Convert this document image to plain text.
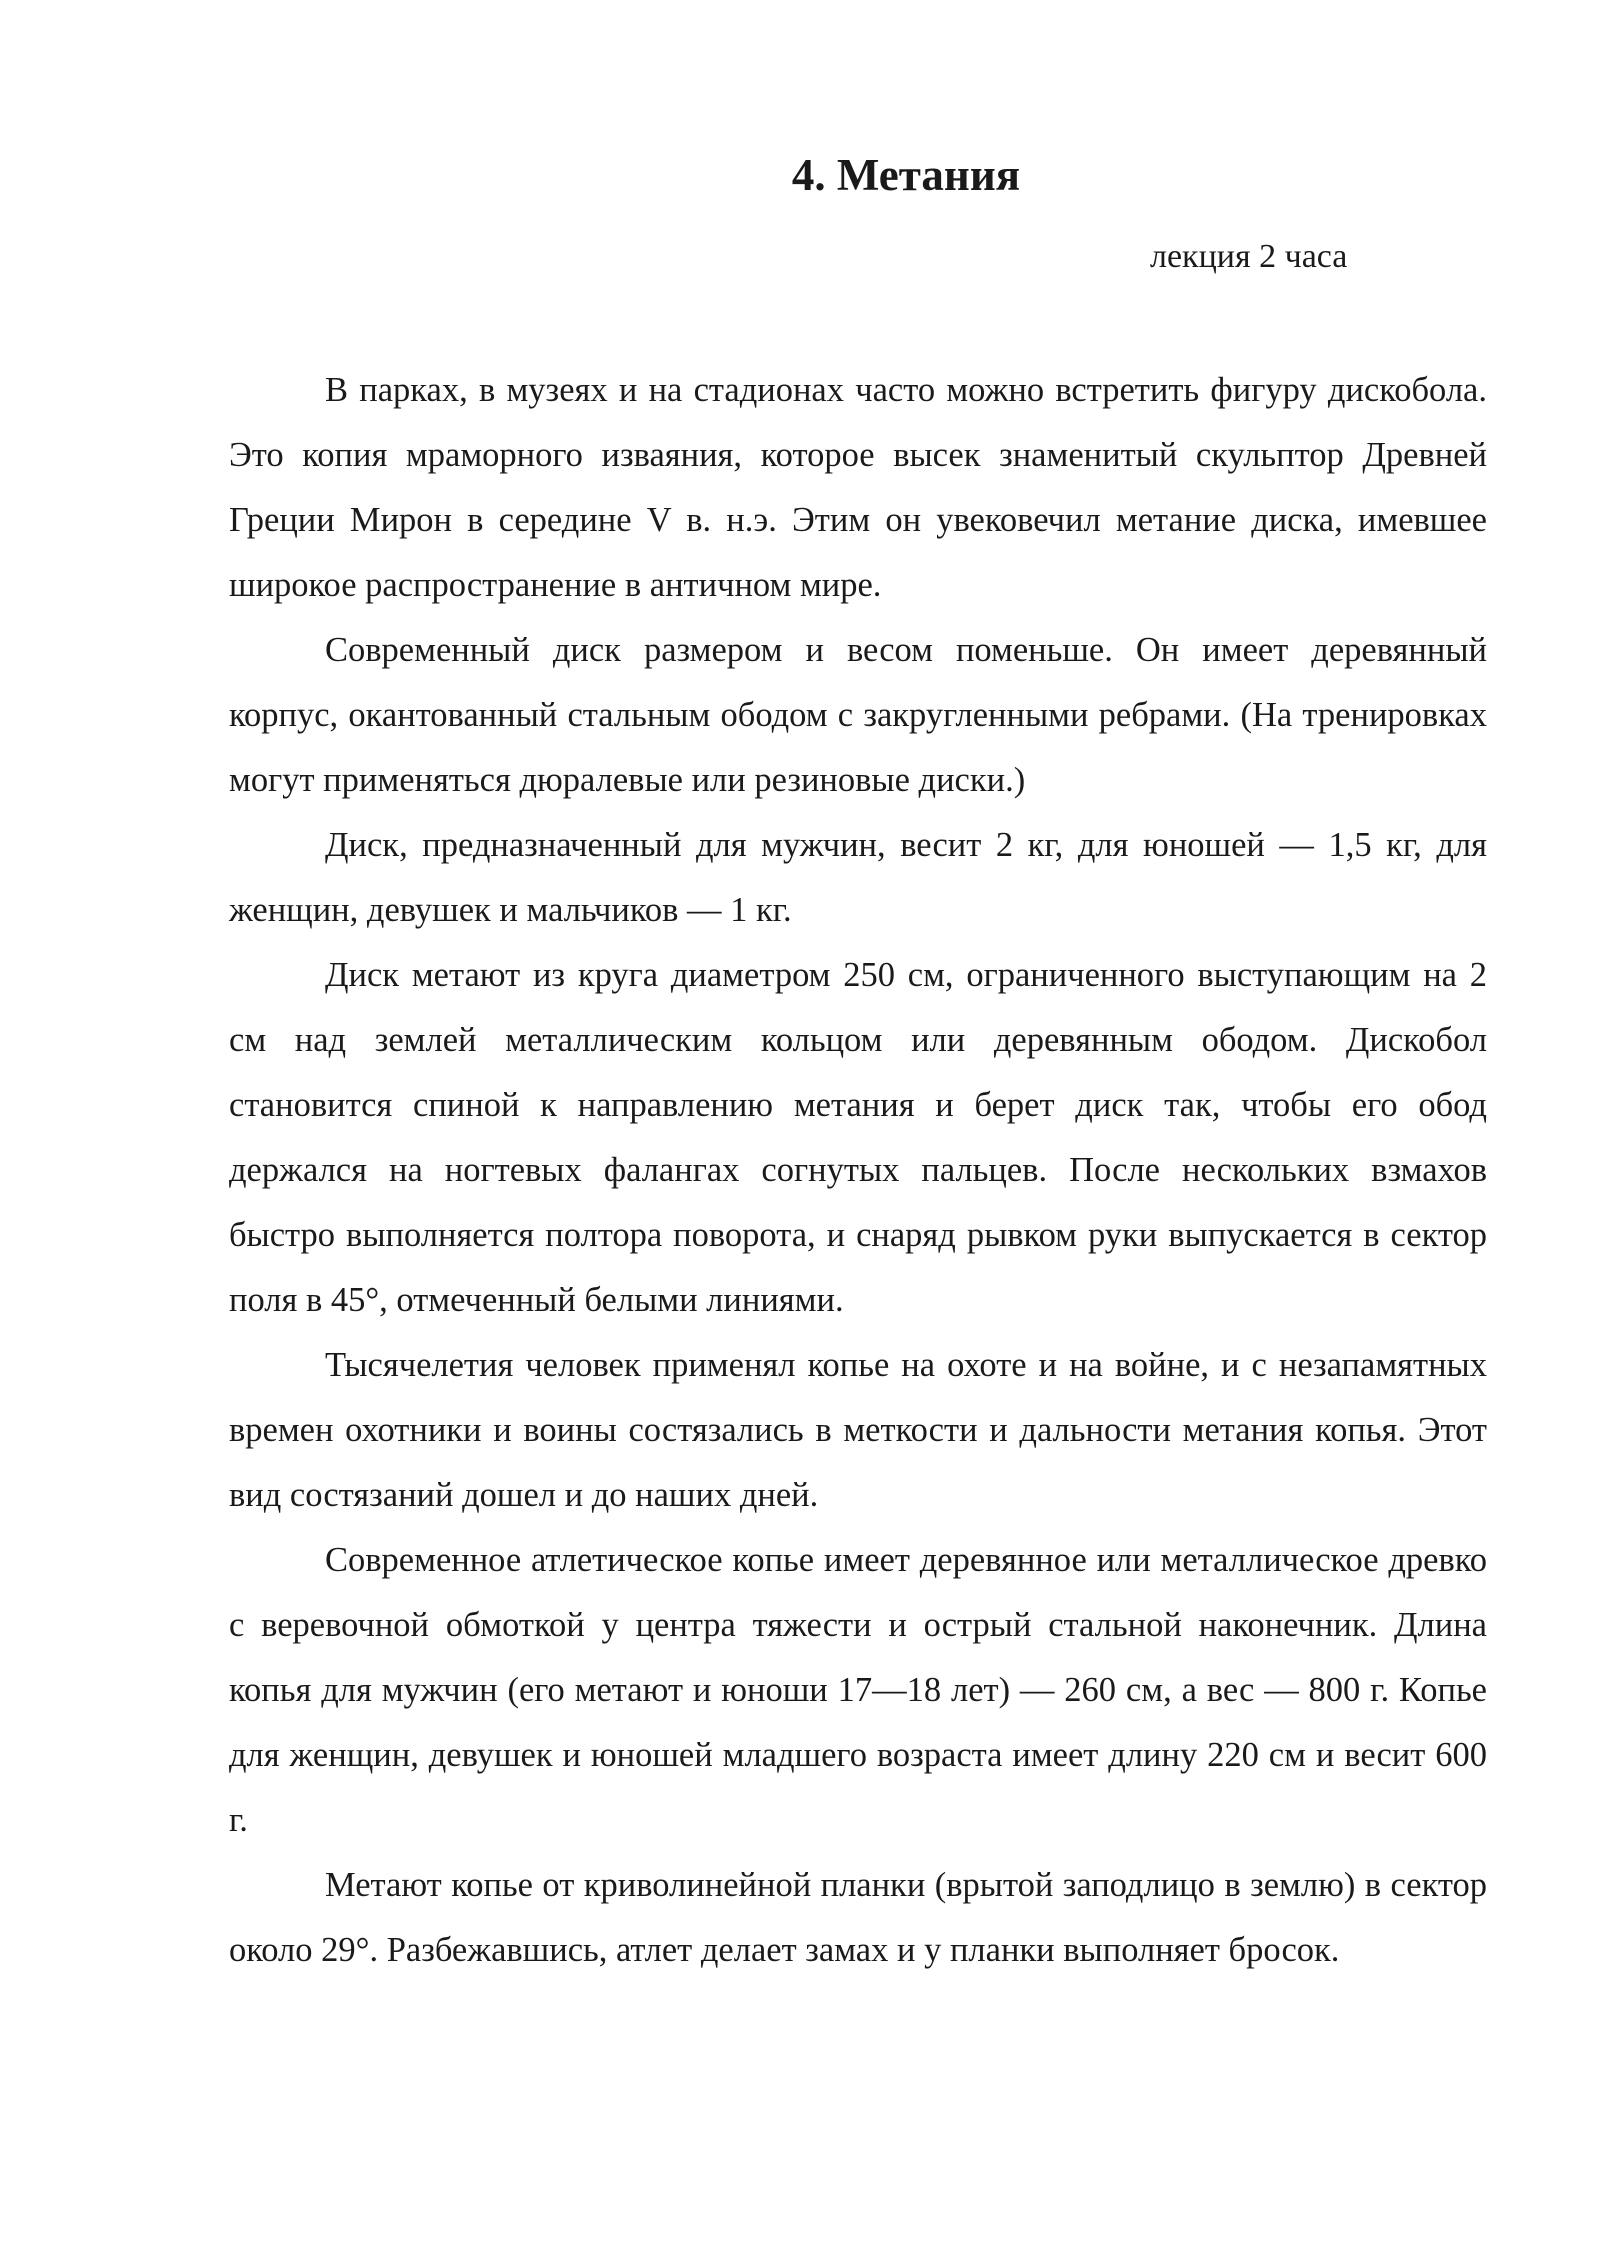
4. Метания

лекция 2 часа

В парках, в музеях и на стадионах часто можно встретить фигуру дискобола. Это копия мраморного изваяния, которое высек знаменитый скульптор Древней Греции Мирон в середине V в. н.э. Этим он увековечил метание диска, имевшее широкое распространение в античном мире.

Современный диск размером и весом поменьше. Он имеет деревянный корпус, окантованный стальным ободом с закругленными ребрами. (На тренировках могут применяться дюралевые или резиновые диски.)

Диск, предназначенный для мужчин, весит 2 кг, для юношей — 1,5 кг, для женщин, девушек и мальчиков — 1 кг.

Диск метают из круга диаметром 250 см, ограниченного выступающим на 2 см над землей металлическим кольцом или деревянным ободом. Дискобол становится спиной к направлению метания и берет диск так, чтобы его обод держался на ногтевых фалангах согнутых пальцев. После нескольких взмахов быстро выполняется полтора поворота, и снаряд рывком руки выпускается в сектор поля в 45°, отмеченный белыми линиями.

Тысячелетия человек применял копье на охоте и на войне, и с незапамятных времен охотники и воины состязались в меткости и дальности метания копья. Этот вид состязаний дошел и до наших дней.

Современное атлетическое копье имеет деревянное или металлическое древко с веревочной обмоткой у центра тяжести и острый стальной наконечник. Длина копья для мужчин (его метают и юноши 17—18 лет) — 260 см, а вес — 800 г. Копье для женщин, девушек и юношей младшего возраста имеет длину 220 см и весит 600 г.

Метают копье от криволинейной планки (врытой заподлицо в землю) в сектор около 29°. Разбежавшись, атлет делает замах и у планки выполняет бросок.
